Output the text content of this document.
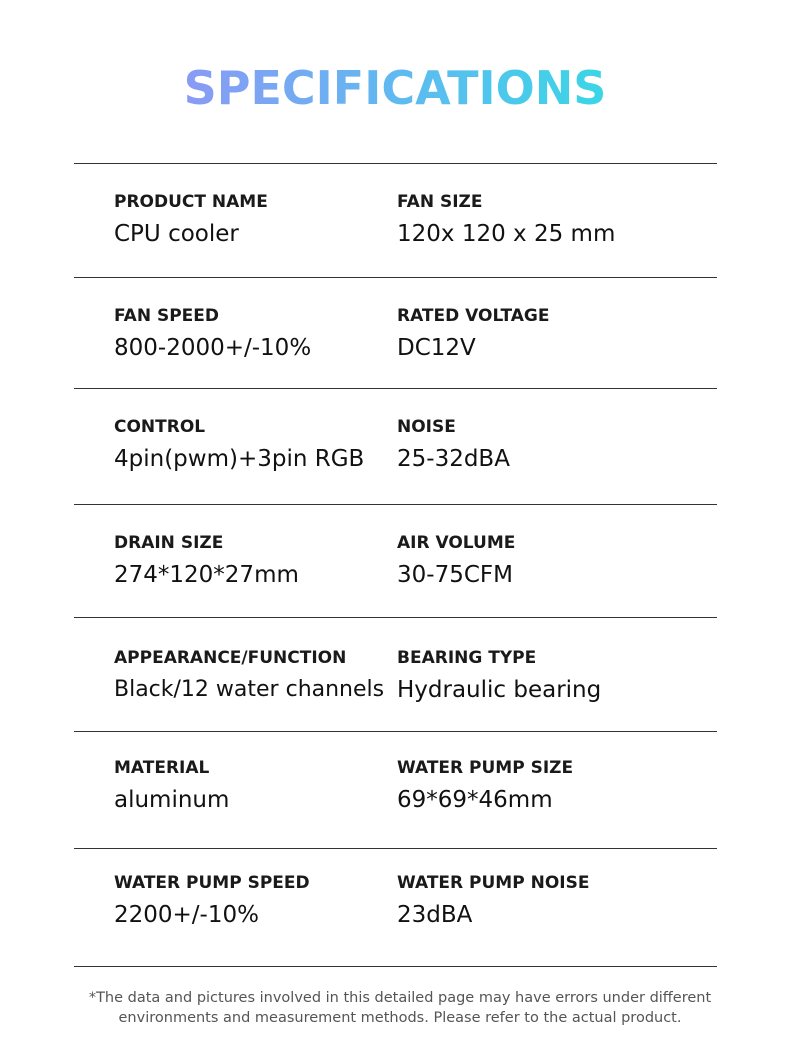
SPECIFICATIONS
PRODUCT NAME
CPU cooler
FAN SIZE
120x 120 x 25 mm
FAN SPEED
800-2000+/-10%
RATED VOLTAGE
DC12V
CONTROL
4pin(pwm)+3pin RGB
NOISE
25-32dBA
DRAIN SIZE
274*120*27mm
AIR VOLUME
30-75CFM
APPEARANCE/FUNCTION
Black/12 water channels
BEARING TYPE
Hydraulic bearing
MATERIAL
aluminum
WATER PUMP SIZE
69*69*46mm
WATER PUMP SPEED
2200+/-10%
WATER PUMP NOISE
23dBA
*The data and pictures involved in this detailed page may have errors under different
environments and measurement methods. Please refer to the actual product.
